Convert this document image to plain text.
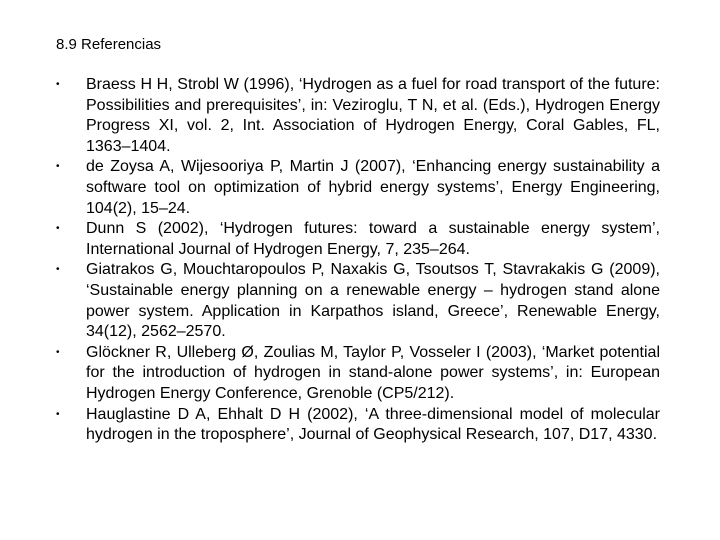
8.9 Referencias
• Braess H H, Strobl W (1996), ‘Hydrogen as a fuel for road transport of the future: Possibilities and prerequisites’, in: Veziroglu, T N, et al. (Eds.), Hydrogen Energy Progress XI, vol. 2, Int. Association of Hydrogen Energy, Coral Gables, FL, 1363–1404.
• de Zoysa A, Wijesooriya P, Martin J (2007), ‘Enhancing energy sustainability a software tool on optimization of hybrid energy systems’, Energy Engineering, 104(2), 15–24.
• Dunn S (2002), ‘Hydrogen futures: toward a sustainable energy system’, International Journal of Hydrogen Energy, 7, 235–264.
• Giatrakos G, Mouchtaropoulos P, Naxakis G, Tsoutsos T, Stavrakakis G (2009), ‘Sustainable energy planning on a renewable energy – hydrogen stand alone power system. Application in Karpathos island, Greece’, Renewable Energy, 34(12), 2562–2570.
• Glöckner R, Ulleberg Ø, Zoulias M, Taylor P, Vosseler I (2003), ‘Market potential for the introduction of hydrogen in stand-alone power systems’, in: European Hydrogen Energy Conference, Grenoble (CP5/212).
• Hauglastine D A, Ehhalt D H (2002), ‘A three-dimensional model of molecular hydrogen in the troposphere’, Journal of Geophysical Research, 107, D17, 4330.
